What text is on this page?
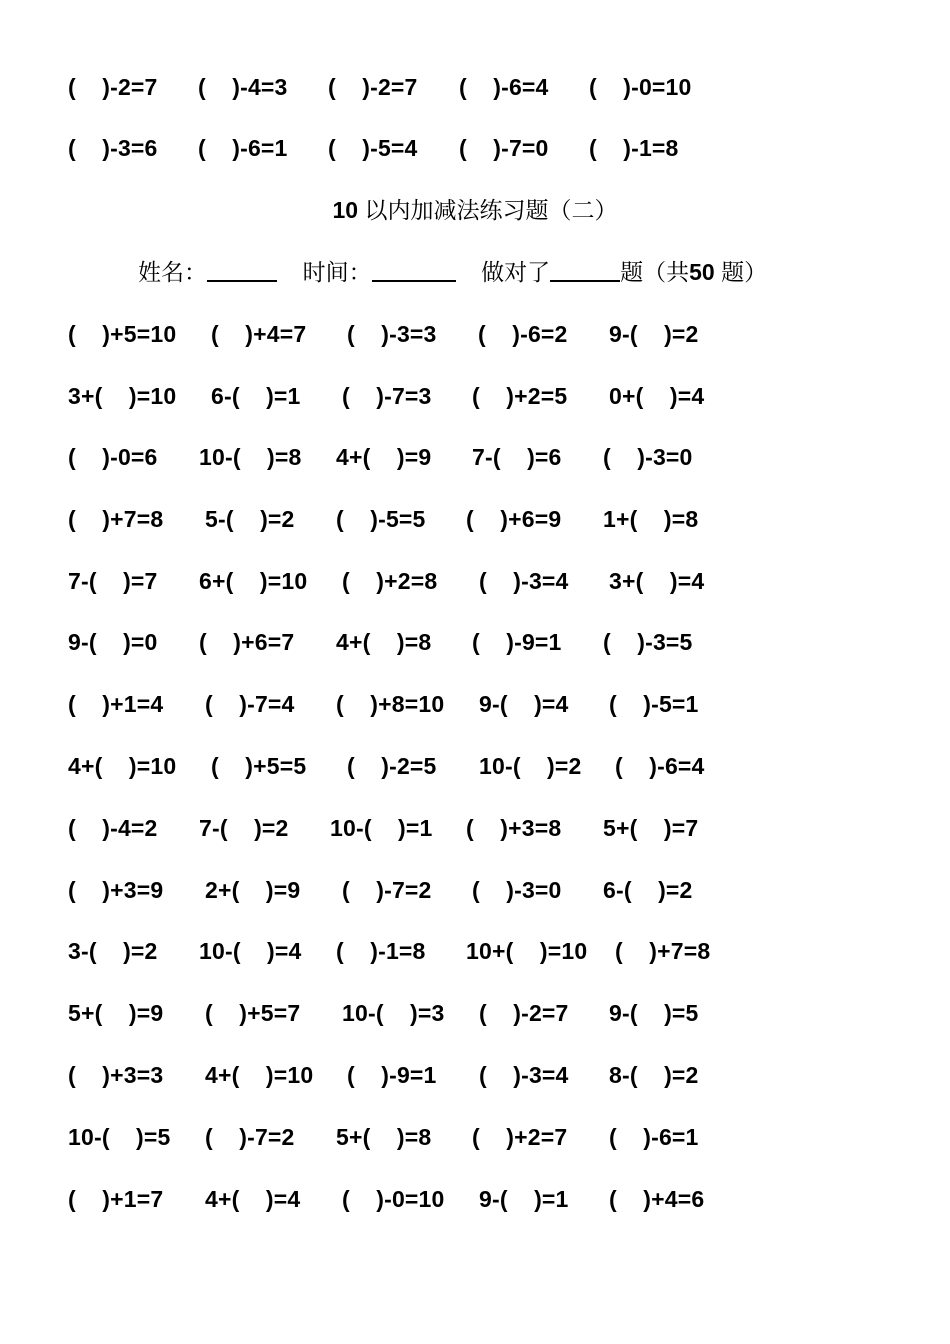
(    )-2=7 (    )-4=3 (    )-2=7 (    )-6=4 (    )-0=10
(    )-3=6 (    )-6=1 (    )-5=4 (    )-7=0 (    )-1=8
10 以内加减法练习题（二）
姓名：	时间：	做对了	题（共50 题）
(    )+5=10 (    )+4=7 (    )-3=3 (    )-6=2 9-(    )=2
3+(    )=10 6-(    )=1 (    )-7=3 (    )+2=5 0+(    )=4
(    )-0=6 10-(    )=8 4+(    )=9 7-(    )=6 (    )-3=0
(    )+7=8 5-(    )=2 (    )-5=5 (    )+6=9 1+(    )=8
7-(    )=7 6+(    )=10 (    )+2=8 (    )-3=4 3+(    )=4
9-(    )=0 (    )+6=7 4+(    )=8 (    )-9=1 (    )-3=5
(    )+1=4 (    )-7=4 (    )+8=10 9-(    )=4 (    )-5=1
4+(    )=10 (    )+5=5 (    )-2=5 10-(    )=2 (    )-6=4
(    )-4=2 7-(    )=2 10-(    )=1 (    )+3=8 5+(    )=7
(    )+3=9 2+(    )=9 (    )-7=2 (    )-3=0 6-(    )=2
3-(    )=2 10-(    )=4 (    )-1=8 10+(    )=10 (    )+7=8
5+(    )=9 (    )+5=7 10-(    )=3 (    )-2=7 9-(    )=5
(    )+3=3 4+(    )=10 (    )-9=1 (    )-3=4 8-(    )=2
10-(    )=5 (    )-7=2 5+(    )=8 (    )+2=7 (    )-6=1
(    )+1=7 4+(    )=4 (    )-0=10 9-(    )=1 (    )+4=6
